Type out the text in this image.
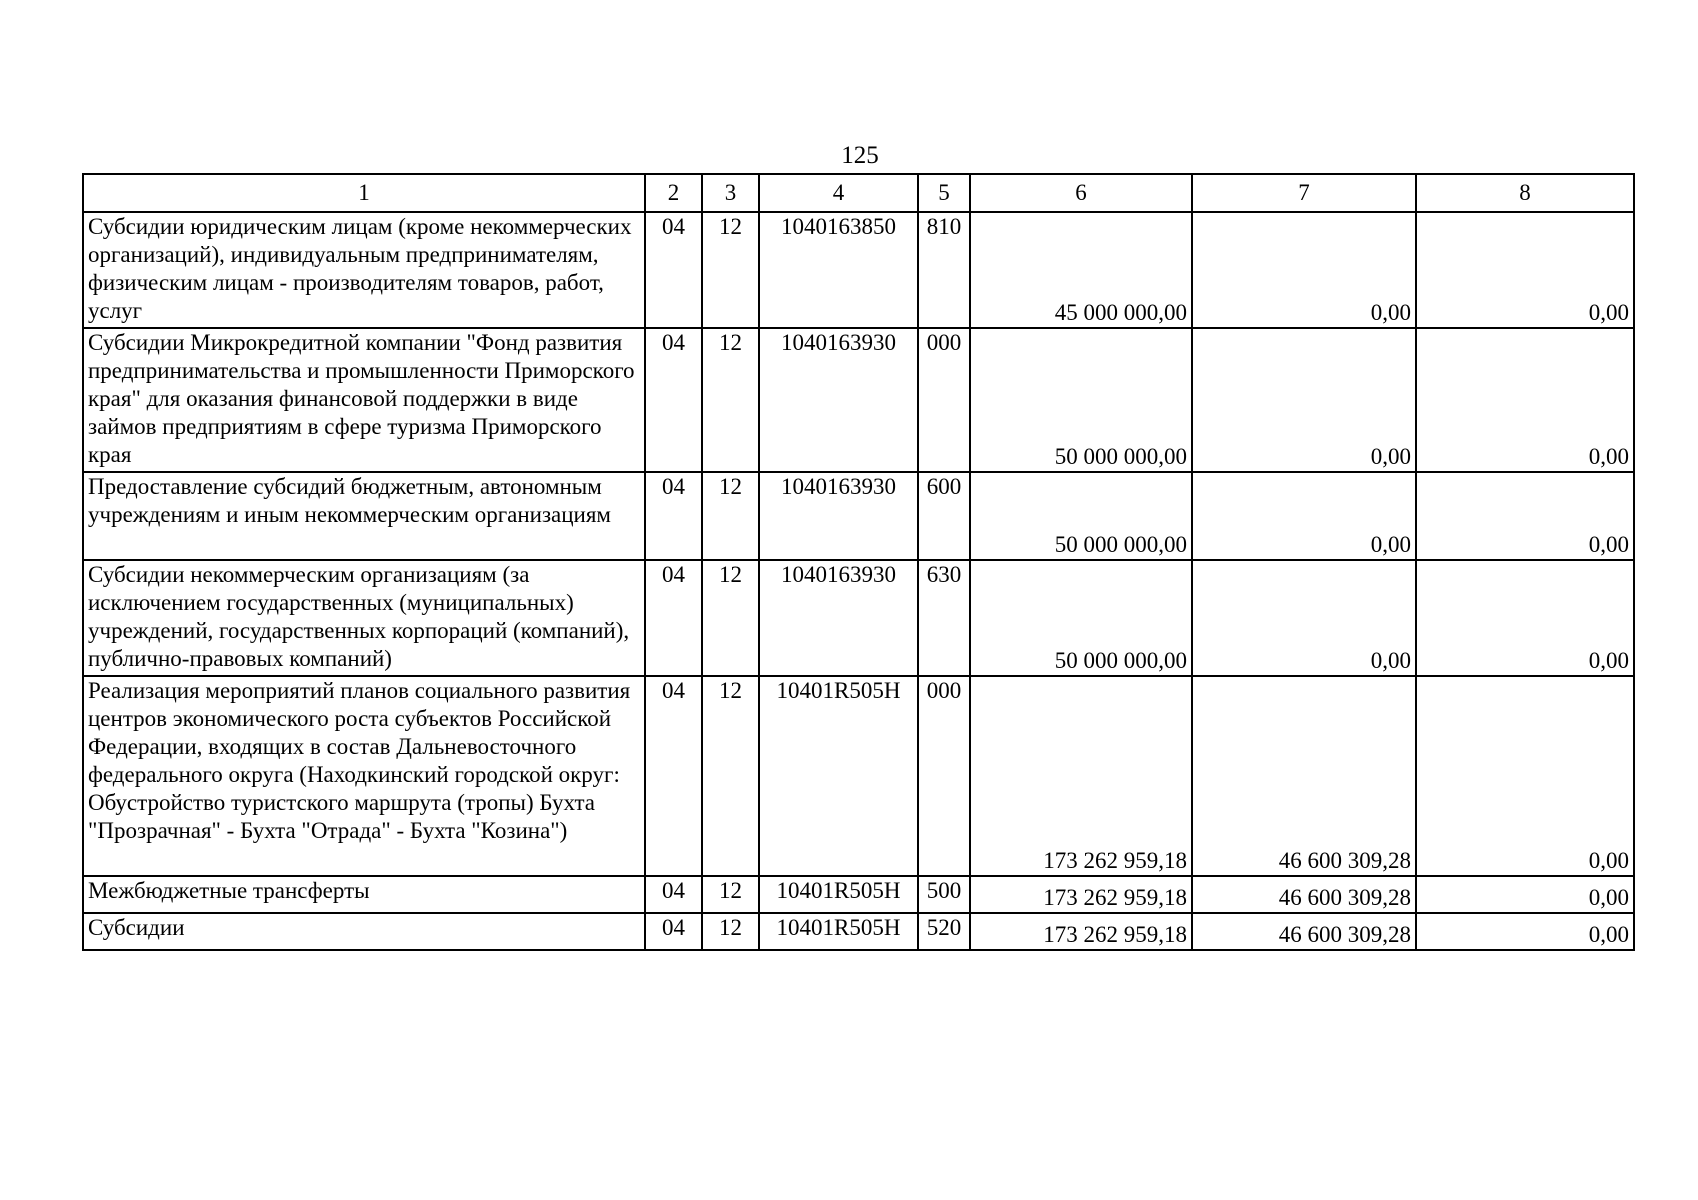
125
1	2	3	4	5	6	7	8
Субсидии юридическим лицам (кроме некоммерческих организаций), индивидуальным предпринимателям, физическим лицам - производителям товаров, работ, услуг	04	12	1040163850	810	45 000 000,00	0,00	0,00
Субсидии Микрокредитной компании "Фонд развития предпринимательства и промышленности Приморского края" для оказания финансовой поддержки в виде займов предприятиям в сфере туризма Приморского края	04	12	1040163930	000	50 000 000,00	0,00	0,00
Предоставление субсидий бюджетным, автономным учреждениям и иным некоммерческим организациям	04	12	1040163930	600	50 000 000,00	0,00	0,00
Субсидии некоммерческим организациям (за исключением государственных (муниципальных) учреждений, государственных корпораций (компаний), публично-правовых компаний)	04	12	1040163930	630	50 000 000,00	0,00	0,00
Реализация мероприятий планов социального развития центров экономического роста субъектов Российской Федерации, входящих в состав Дальневосточного федерального округа (Находкинский городской округ: Обустройство туристского маршрута (тропы) Бухта "Прозрачная" - Бухта "Отрада" - Бухта "Козина")	04	12	10401R505H	000	173 262 959,18	46 600 309,28	0,00
Межбюджетные трансферты	04	12	10401R505H	500	173 262 959,18	46 600 309,28	0,00
Субсидии	04	12	10401R505H	520	173 262 959,18	46 600 309,28	0,00
